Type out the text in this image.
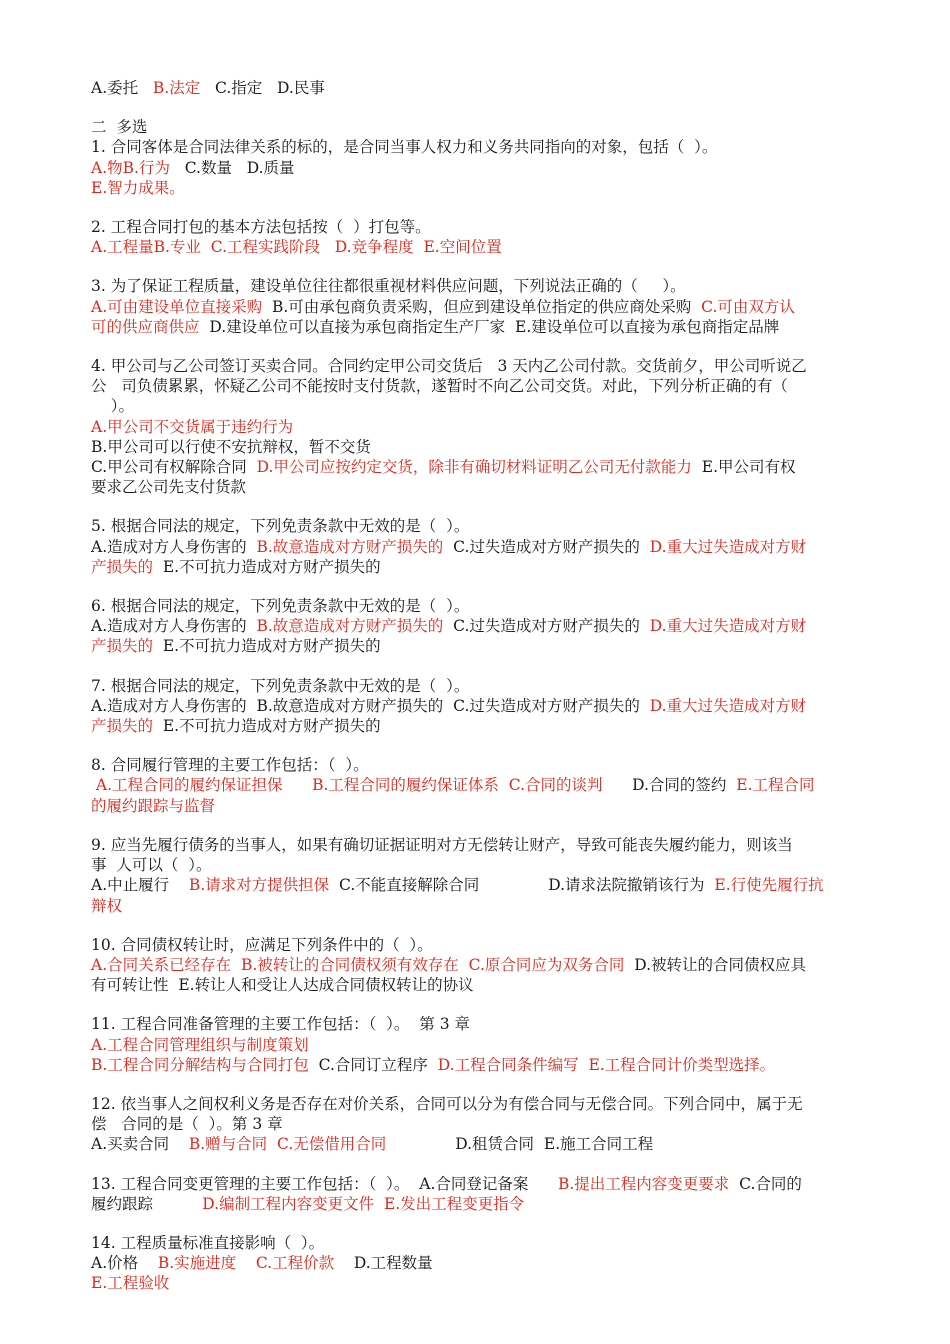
A.委托   B.法定   C.指定   D.民事
二  多选
1. 合同客体是合同法律关系的标的，是合同当事人权力和义务共同指向的对象，包括（  ）。
A.物B.行为   C.数量   D.质量
E.智力成果。
2. 工程合同打包的基本方法包括按（  ）打包等。
A.工程量B.专业  C.工程实践阶段   D.竞争程度  E.空间位置
3. 为了保证工程质量，建设单位往往都很重视材料供应问题，下列说法正确的（     ）。
A.可由建设单位直接采购  B.可由承包商负责采购，但应到建设单位指定的供应商处采购  C.可由双方认
可的供应商供应  D.建设单位可以直接为承包商指定生产厂家  E.建设单位可以直接为承包商指定品牌
4. 甲公司与乙公司签订买卖合同。合同约定甲公司交货后   3 天内乙公司付款。交货前夕，甲公司听说乙
公   司负债累累，怀疑乙公司不能按时支付货款，遂暂时不向乙公司交货。对此，下列分析正确的有（
）。
A.甲公司不交货属于违约行为
B.甲公司可以行使不安抗辩权，暂不交货
C.甲公司有权解除合同  D.甲公司应按约定交货，除非有确切材料证明乙公司无付款能力  E.甲公司有权
要求乙公司先支付货款
5. 根据合同法的规定，下列免责条款中无效的是（  ）。
A.造成对方人身伤害的  B.故意造成对方财产损失的  C.过失造成对方财产损失的  D.重大过失造成对方财
产损失的  E.不可抗力造成对方财产损失的
6. 根据合同法的规定，下列免责条款中无效的是（  ）。
A.造成对方人身伤害的  B.故意造成对方财产损失的  C.过失造成对方财产损失的  D.重大过失造成对方财
产损失的  E.不可抗力造成对方财产损失的
7. 根据合同法的规定，下列免责条款中无效的是（  ）。
A.造成对方人身伤害的  B.故意造成对方财产损失的  C.过失造成对方财产损失的  D.重大过失造成对方财
产损失的  E.不可抗力造成对方财产损失的
8. 合同履行管理的主要工作包括：（  ）。
A.工程合同的履约保证担保      B.工程合同的履约保证体系  C.合同的谈判      D.合同的签约  E.工程合同
的履约跟踪与监督
9. 应当先履行债务的当事人，如果有确切证据证明对方无偿转让财产，导致可能丧失履约能力，则该当
事  人可以（  ）。
A.中止履行    B.请求对方提供担保  C.不能直接解除合同              D.请求法院撤销该行为  E.行使先履行抗
辩权
10. 合同债权转让时，应满足下列条件中的（  ）。
A.合同关系已经存在  B.被转让的合同债权须有效存在  C.原合同应为双务合同  D.被转让的合同债权应具
有可转让性  E.转让人和受让人达成合同债权转让的协议
11. 工程合同准备管理的主要工作包括：（  ）。  第 3 章
A.工程合同管理组织与制度策划
B.工程合同分解结构与合同打包  C.合同订立程序  D.工程合同条件编写  E.工程合同计价类型选择。
12. 依当事人之间权利义务是否存在对价关系，合同可以分为有偿合同与无偿合同。下列合同中，属于无
偿   合同的是（  ）。第 3 章
A.买卖合同    B.赠与合同  C.无偿借用合同              D.租赁合同  E.施工合同工程
13. 工程合同变更管理的主要工作包括：（  ）。  A.合同登记备案      B.提出工程内容变更要求  C.合同的
履约跟踪          D.编制工程内容变更文件  E.发出工程变更指令
14. 工程质量标准直接影响（  ）。
A.价格    B.实施进度    C.工程价款    D.工程数量
E.工程验收
